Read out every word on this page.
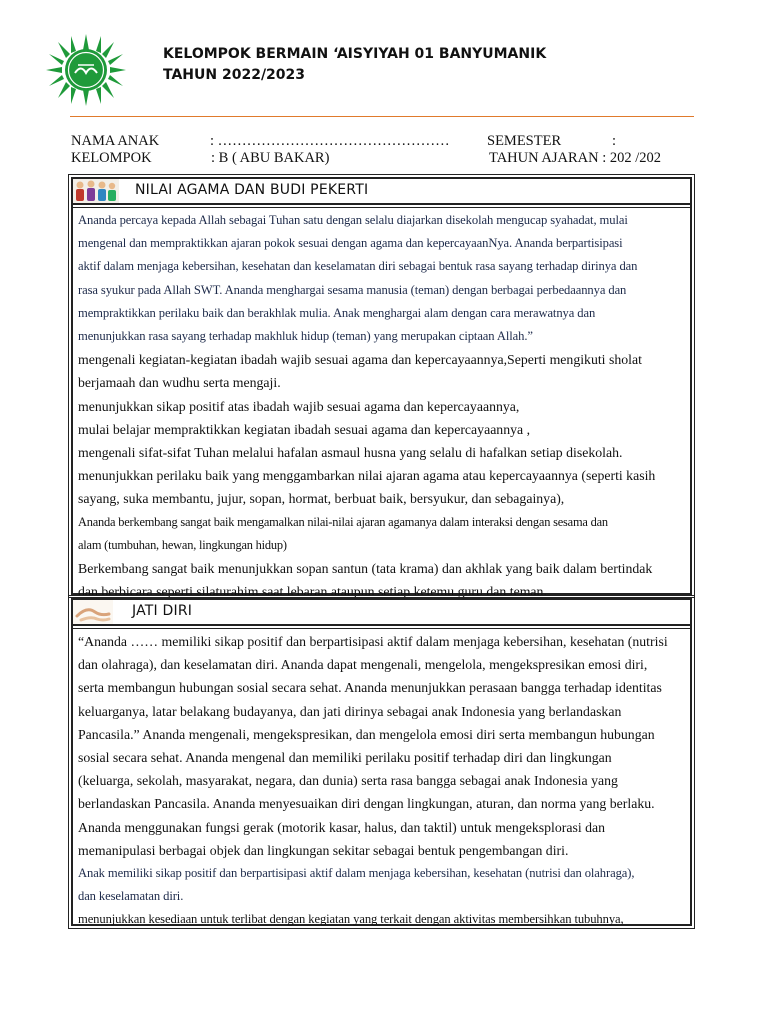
KELOMPOK BERMAIN ‘AISYIYAH 01 BANYUMANIK
TAHUN 2022/2023
NAMA ANAK	: …………………………………………	SEMESTER	:
KELOMPOK	: B ( ABU BAKAR)	TAHUN AJARAN : 202 /202
NILAI AGAMA DAN BUDI PEKERTI

Ananda percaya kepada Allah sebagai Tuhan satu dengan selalu diajarkan disekolah mengucap syahadat, mulai

mengenal dan mempraktikkan ajaran pokok sesuai dengan agama dan kepercayaanNya. Ananda berpartisipasi

aktif dalam menjaga kebersihan, kesehatan dan keselamatan diri sebagai bentuk rasa sayang terhadap dirinya dan

rasa syukur pada Allah SWT. Ananda menghargai sesama manusia (teman) dengan berbagai perbedaannya dan

mempraktikkan perilaku baik dan berakhlak mulia. Anak menghargai alam dengan cara merawatnya dan

menunjukkan rasa sayang terhadap makhluk hidup (teman) yang merupakan ciptaan Allah.”

mengenali kegiatan-kegiatan ibadah wajib sesuai agama dan kepercayaannya,Seperti mengikuti sholat

berjamaah dan wudhu serta mengaji.

menunjukkan sikap positif atas ibadah wajib sesuai agama dan kepercayaannya,

mulai belajar mempraktikkan kegiatan ibadah sesuai agama dan kepercayaannya ,

mengenali sifat-sifat Tuhan melalui hafalan asmaul husna yang selalu di hafalkan setiap disekolah.

menunjukkan perilaku baik yang menggambarkan nilai ajaran agama atau kepercayaannya (seperti kasih

sayang, suka membantu, jujur, sopan, hormat, berbuat baik, bersyukur, dan sebagainya),

Ananda berkembang sangat baik mengamalkan nilai-nilai ajaran agamanya dalam interaksi dengan sesama dan

alam (tumbuhan, hewan, lingkungan hidup)

Berkembang sangat baik menunjukkan sopan santun (tata krama) dan akhlak yang baik dalam bertindak

dan berbicara seperti silaturahim saat lebaran ataupun setiap ketemu guru dan teman.

JATI DIRI

“Ananda …… memiliki sikap positif dan berpartisipasi aktif dalam menjaga kebersihan, kesehatan (nutrisi

dan olahraga), dan keselamatan diri. Ananda dapat mengenali, mengelola, mengekspresikan emosi diri,

serta membangun hubungan sosial secara sehat. Ananda menunjukkan perasaan bangga terhadap identitas

keluarganya, latar belakang budayanya, dan jati dirinya sebagai anak Indonesia yang berlandaskan

Pancasila.” Ananda mengenali, mengekspresikan, dan mengelola emosi diri serta membangun hubungan

sosial secara sehat. Ananda mengenal dan memiliki perilaku positif terhadap diri dan lingkungan

(keluarga, sekolah, masyarakat, negara, dan dunia) serta rasa bangga sebagai anak Indonesia yang

berlandaskan Pancasila. Ananda menyesuaikan diri dengan lingkungan, aturan, dan norma yang berlaku.

Ananda menggunakan fungsi gerak (motorik kasar, halus, dan taktil) untuk mengeksplorasi dan

memanipulasi berbagai objek dan lingkungan sekitar sebagai bentuk pengembangan diri.

Anak memiliki sikap positif dan berpartisipasi aktif dalam menjaga kebersihan, kesehatan (nutrisi dan olahraga),

dan keselamatan diri.

menunjukkan kesediaan untuk terlibat dengan kegiatan yang terkait dengan aktivitas membersihkan tubuhnya,
